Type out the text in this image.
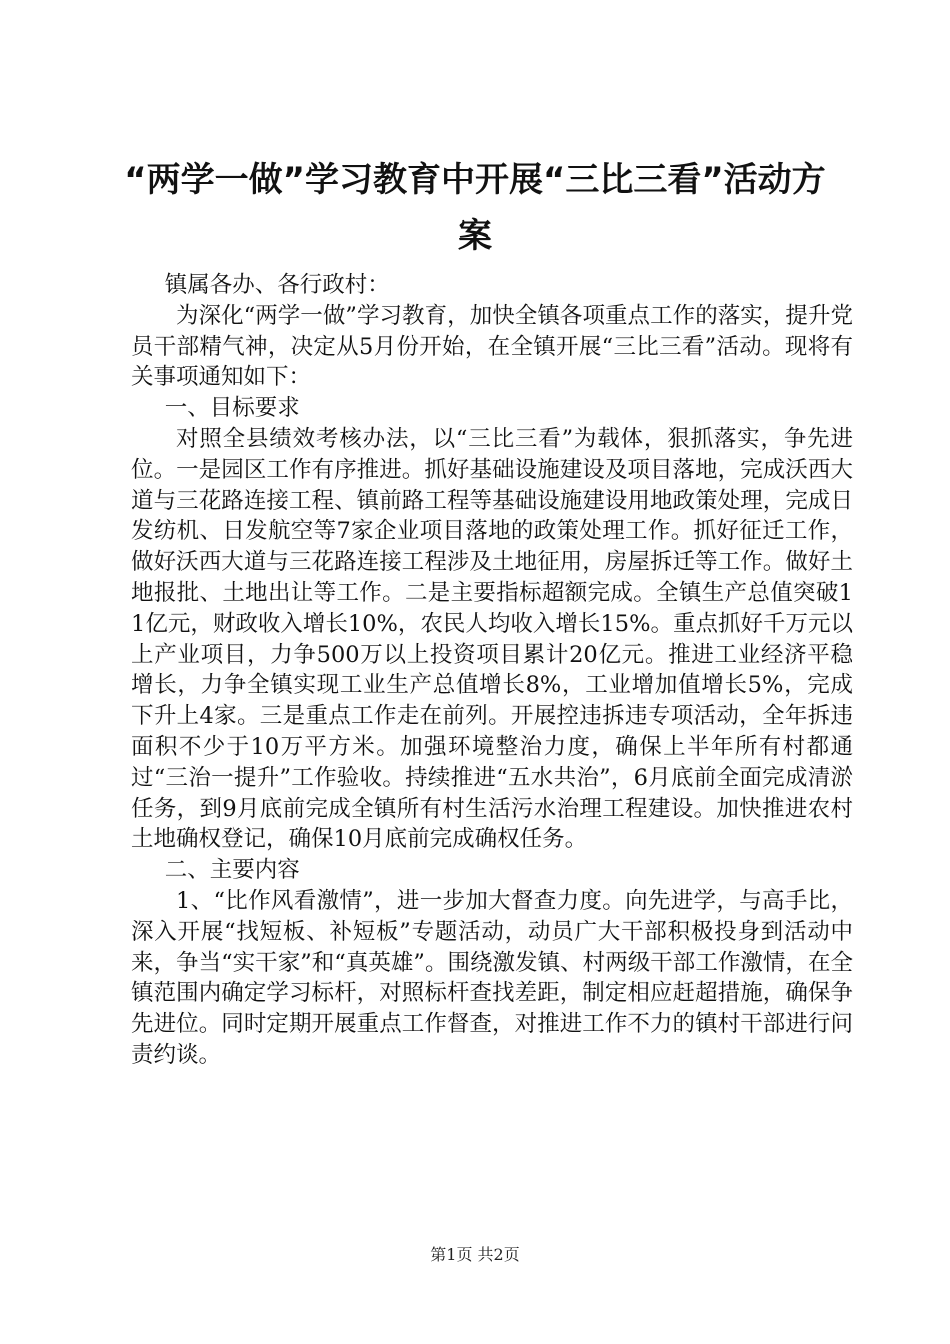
“两学一做”学习教育中开展“三比三看”活动方案

镇属各办、各行政村：

为深化“两学一做”学习教育，加快全镇各项重点工作的落实，提升党员干部精气神，决定从5月份开始，在全镇开展“三比三看”活动。现将有关事项通知如下：

一、目标要求

对照全县绩效考核办法，以“三比三看”为载体，狠抓落实，争先进位。一是园区工作有序推进。抓好基础设施建设及项目落地，完成沃西大道与三花路连接工程、镇前路工程等基础设施建设用地政策处理，完成日发纺机、日发航空等7家企业项目落地的政策处理工作。抓好征迁工作，做好沃西大道与三花路连接工程涉及土地征用，房屋拆迁等工作。做好土地报批、土地出让等工作。二是主要指标超额完成。全镇生产总值突破11亿元，财政收入增长10%，农民人均收入增长15%。重点抓好千万元以上产业项目，力争500万以上投资项目累计20亿元。推进工业经济平稳增长，力争全镇实现工业生产总值增长8%，工业增加值增长5%，完成下升上4家。三是重点工作走在前列。开展控违拆违专项活动，全年拆违面积不少于10万平方米。加强环境整治力度，确保上半年所有村都通过“三治一提升”工作验收。持续推进“五水共治”，6月底前全面完成清淤任务，到9月底前完成全镇所有村生活污水治理工程建设。加快推进农村土地确权登记，确保10月底前完成确权任务。

二、主要内容

1、“比作风看激情”，进一步加大督查力度。向先进学，与高手比，深入开展“找短板、补短板”专题活动，动员广大干部积极投身到活动中来，争当“实干家”和“真英雄”。围绕激发镇、村两级干部工作激情，在全镇范围内确定学习标杆，对照标杆查找差距，制定相应赶超措施，确保争先进位。同时定期开展重点工作督查，对推进工作不力的镇村干部进行问责约谈。

第1页 共2页
